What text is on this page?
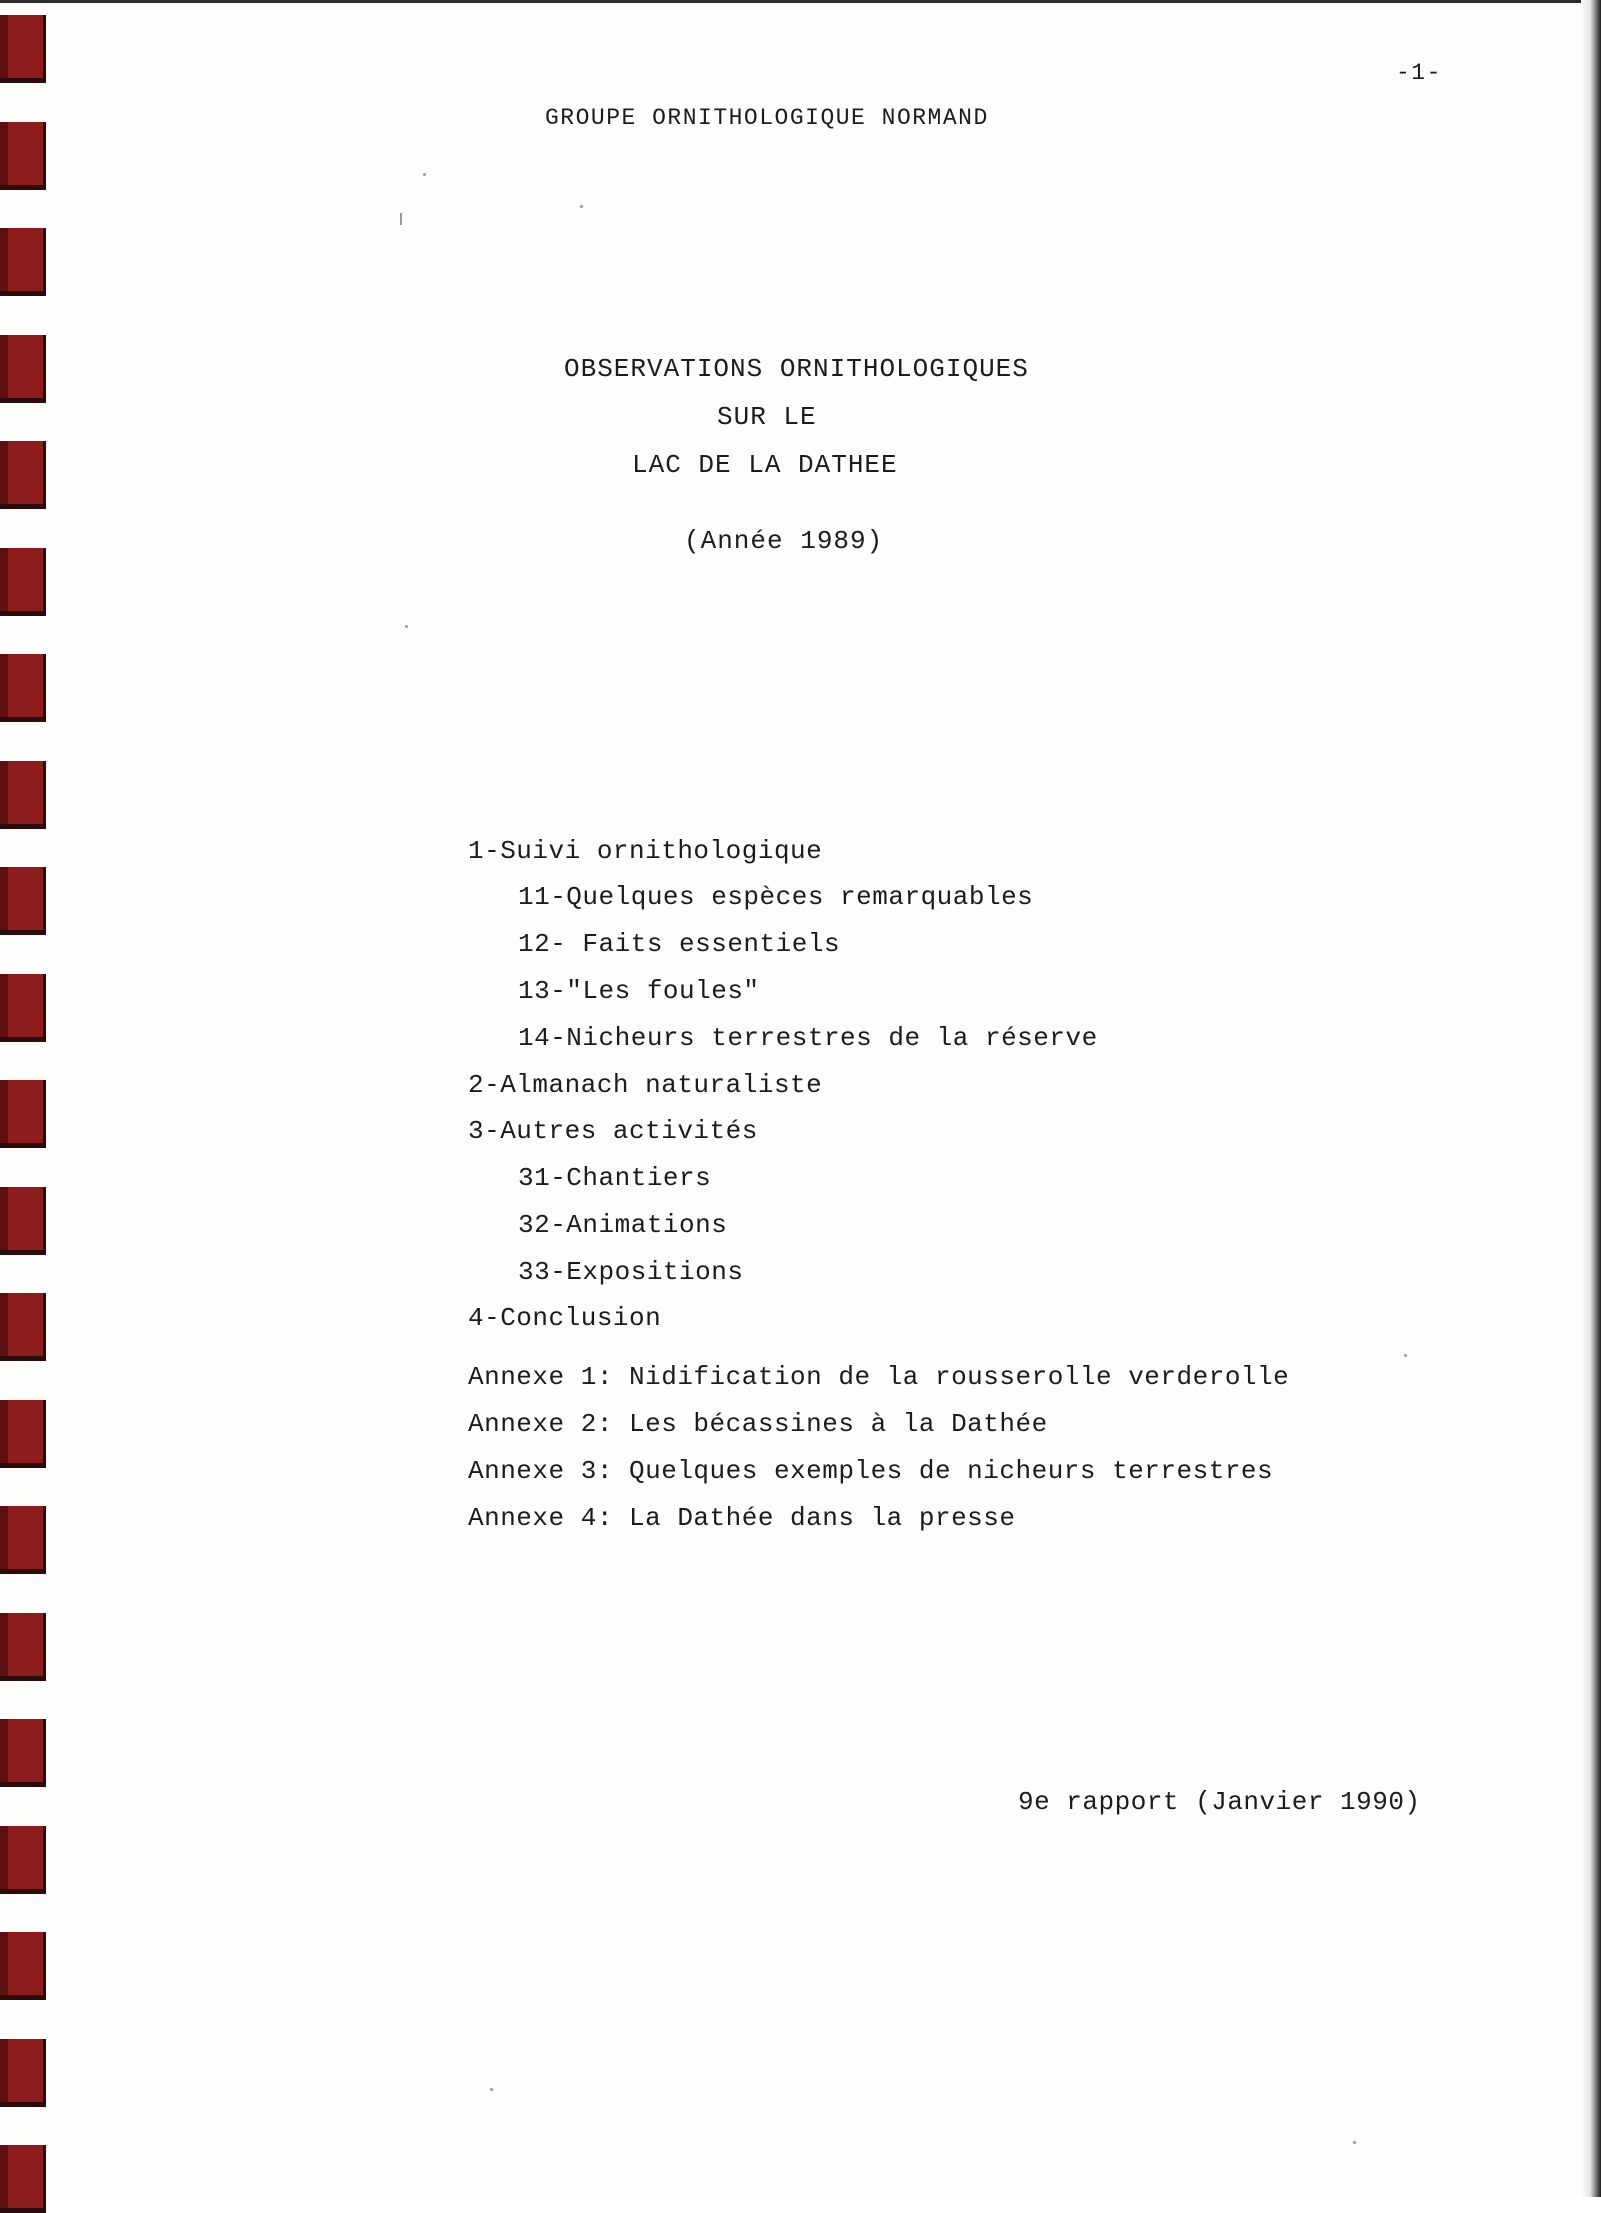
-1-
GROUPE ORNITHOLOGIQUE NORMAND
OBSERVATIONS ORNITHOLOGIQUES
SUR LE
LAC DE LA DATHEE
(Année 1989)
1-Suivi ornithologique
11-Quelques espèces remarquables
12- Faits essentiels
13-"Les foules"
14-Nicheurs terrestres de la réserve
2-Almanach naturaliste
3-Autres activités
31-Chantiers
32-Animations
33-Expositions
4-Conclusion
Annexe 1: Nidification de la rousserolle verderolle
Annexe 2: Les bécassines à la Dathée
Annexe 3: Quelques exemples de nicheurs terrestres
Annexe 4: La Dathée dans la presse
9e rapport (Janvier 1990)
